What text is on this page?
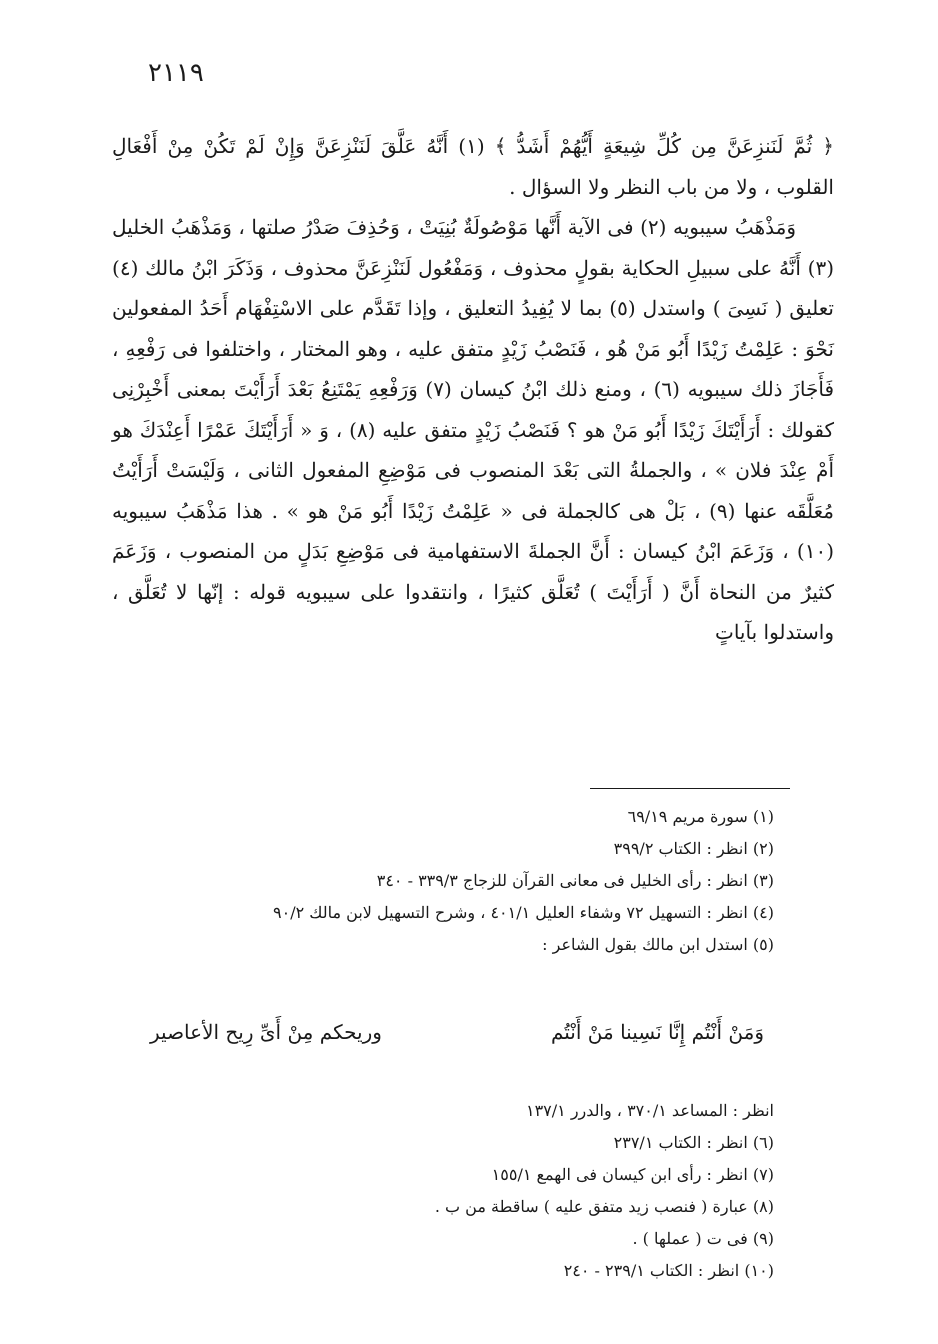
٢١١٩

﴿ ثُمَّ لَنَنزِعَنَّ مِن كُلِّ شِيعَةٍ أَيُّهُمْ أَشَدُّ ﴾ (١) أَنَّهُ عَلَّقَ لَنَنْزِعَنَّ وَإِنْ لَمْ تَكُنْ مِنْ أَفْعَالِ القلوب ، ولا من باب النظر ولا السؤال .

وَمَذْهَبُ سيبويه (٢) فى الآية أَنَّها مَوْصُولَةٌ بُنِيَتْ ، وَحُذِفَ صَدْرُ صلتها ، وَمَذْهَبُ الخليل (٣) أَنَّهُ على سبيلِ الحكاية بقولٍ محذوف ، وَمَفْعُول لَنَنْزِعَنَّ محذوف ، وَذَكَرَ ابْنُ مالك (٤) تعليق ( نَسِىَ ) واستدل (٥) بما لا يُفِيدُ التعليق ، وإذا تَقَدَّم على الاسْتِفْهَام أَحَدُ المفعولين نَحْوَ : عَلِمْتُ زَيْدًا أَبُو مَنْ هُو ، فَنَصْبُ زَيْدٍ متفق عليه ، وهو المختار ، واختلفوا فى رَفْعِهِ ، فَأَجَازَ ذلك سيبويه (٦) ، ومنع ذلك ابْنُ كيسان (٧) وَرَفْعِهِ يَمْتَنِعُ بَعْدَ أَرَأَيْتَ بمعنى أَخْبِرْنِى كقولك : أَرَأَيْتَكَ زَيْدًا أَبُو مَنْ هو ؟ فَنَصْبُ زَيْدٍ متفق عليه (٨) ، وَ « أَرَأَيْتَكَ عَمْرًا أَعِنْدَكَ هو أَمْ عِنْدَ فلان » ، والجملةُ التى بَعْدَ المنصوب فى مَوْضِعِ المفعول الثانى ، وَلَيْسَتْ أَرَأَيْتُ مُعَلَّقَه عنها (٩) ، بَلْ هى كالجملة فى « عَلِمْتُ زَيْدًا أَبُو مَنْ هو » . هذا مَذْهَبُ سيبويه (١٠) ، وَزَعَمَ ابْنُ كيسان : أَنَّ الجملةَ الاستفهامية فى مَوْضِعِ بَدَلٍ من المنصوب ، وَزَعَمَ كثيرٌ من النحاة أَنَّ ( أَرَأَيْتَ ) تُعَلَّق كثيرًا ، وانتقدوا على سيبويه قوله : إنّها لا تُعَلَّق ، واستدلوا بآياتٍ

(١) سورة مريم ٦٩/١٩
(٢) انظر : الكتاب ٣٩٩/٢
(٣) انظر : رأى الخليل فى معانى القرآن للزجاج ٣٣٩/٣ - ٣٤٠
(٤) انظر : التسهيل ٧٢ وشفاء العليل ٤٠١/١ ، وشرح التسهيل لابن مالك ٩٠/٢
(٥) استدل ابن مالك بقول الشاعر :
وَمَنْ أَنْتُم إِنَّا نَسِينا مَنْ أَنْتُم
وريحكم مِنْ أَىِّ رِيح الأعاصير
انظر : المساعد ٣٧٠/١ ، والدرر ١٣٧/١
(٦) انظر : الكتاب ٢٣٧/١
(٧) انظر : رأى ابن كيسان فى الهمع ١٥٥/١
(٨) عبارة ( فنصب زيد متفق عليه ) ساقطة من ب .
(٩) فى ت ( عملها ) .
(١٠) انظر : الكتاب ٢٣٩/١ - ٢٤٠
